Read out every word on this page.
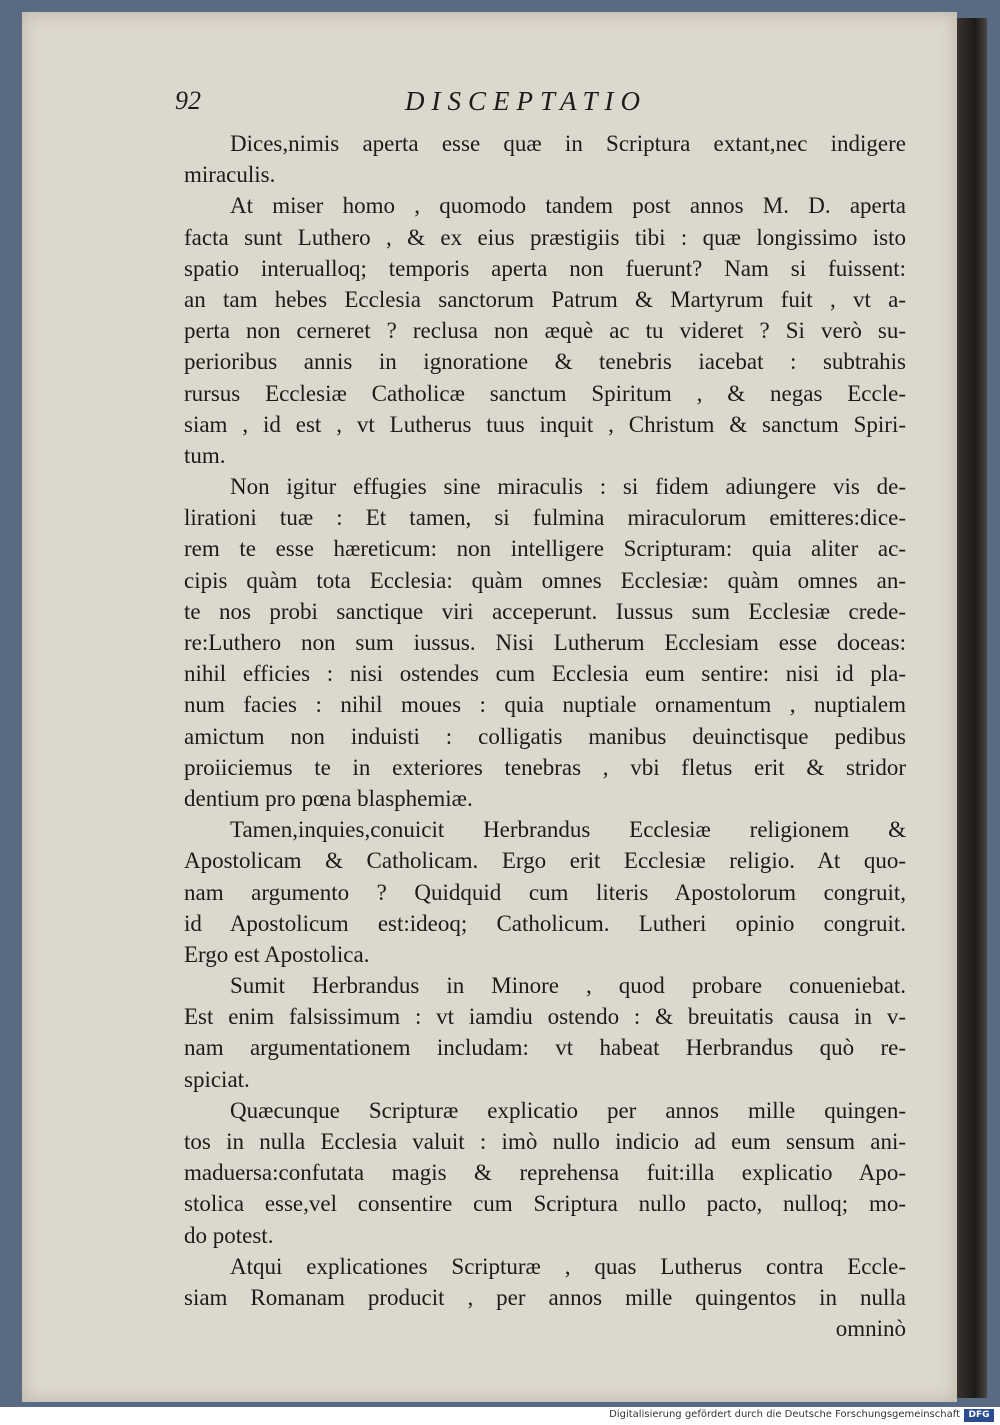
92	DISCEPTATIO
Dices,nimis aperta esse quæ in Scriptura extant,nec indigere
miraculis.
At miser homo , quomodo tandem post annos M. D. aperta
facta sunt Luthero , & ex eius præstigiis tibi : quæ longissimo isto
spatio interualloq; temporis aperta non fuerunt? Nam si fuissent:
an tam hebes Ecclesia sanctorum Patrum & Martyrum fuit , vt a-
perta non cerneret ? reclusa non æquè ac tu videret ? Si verò su-
perioribus annis in ignoratione & tenebris iacebat : subtrahis
rursus Ecclesiæ Catholicæ sanctum Spiritum , & negas Eccle-
siam , id est , vt Lutherus tuus inquit , Christum & sanctum Spiri-
tum.
Non igitur effugies sine miraculis : si fidem adiungere vis de-
lirationi tuæ : Et tamen, si fulmina miraculorum emitteres:dice-
rem te esse hæreticum: non intelligere Scripturam: quia aliter ac-
cipis quàm tota Ecclesia: quàm omnes Ecclesiæ: quàm omnes an-
te nos probi sanctique viri acceperunt. Iussus sum Ecclesiæ crede-
re:Luthero non sum iussus. Nisi Lutherum Ecclesiam esse doceas:
nihil efficies : nisi ostendes cum Ecclesia eum sentire: nisi id pla-
num facies : nihil moues : quia nuptiale ornamentum , nuptialem
amictum non induisti : colligatis manibus deuinctisque pedibus
proiiciemus te in exteriores tenebras , vbi fletus erit & stridor
dentium pro pœna blasphemiæ.
Tamen,inquies,conuicit Herbrandus Ecclesiæ religionem &
Apostolicam & Catholicam. Ergo erit Ecclesiæ religio. At quo-
nam argumento ? Quidquid cum literis Apostolorum congruit,
id Apostolicum est:ideoq; Catholicum. Lutheri opinio congruit.
Ergo est Apostolica.
Sumit Herbrandus in Minore , quod probare conueniebat.
Est enim falsissimum : vt iamdiu ostendo : & breuitatis causa in v-
nam argumentationem includam: vt habeat Herbrandus quò re-
spiciat.
Quæcunque Scripturæ explicatio per annos mille quingen-
tos in nulla Ecclesia valuit : imò nullo indicio ad eum sensum ani-
maduersa:confutata magis & reprehensa fuit:illa explicatio Apo-
stolica esse,vel consentire cum Scriptura nullo pacto, nulloq; mo-
do potest.
Atqui explicationes Scripturæ , quas Lutherus contra Eccle-
siam Romanam producit , per annos mille quingentos in nulla
omninò
Digitalisierung gefördert durch die Deutsche Forschungsgemeinschaft DFG
